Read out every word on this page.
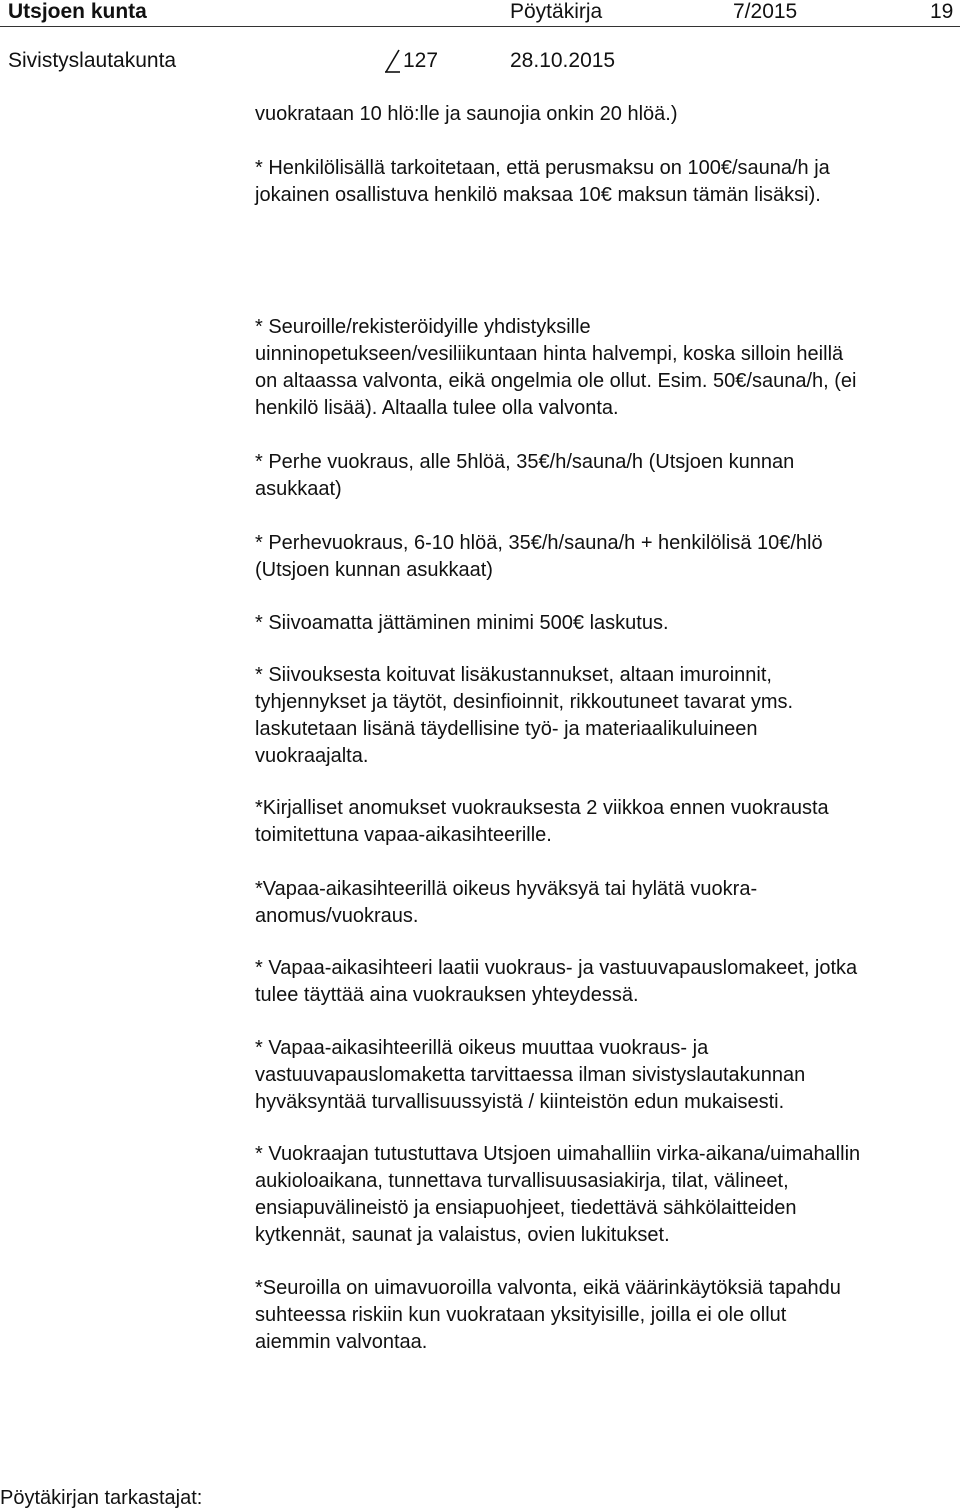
Utsjoen kunta	Pöytäkirja	7/2015	19
Sivistyslautakunta	127	28.10.2015
vuokrataan 10 hlö:lle ja saunojia onkin 20 hlöä.)
* Henkilölisällä tarkoitetaan, että perusmaksu on 100€/sauna/h ja
jokainen osallistuva henkilö maksaa 10€ maksun tämän lisäksi).
* Seuroille/rekisteröidyille yhdistyksille
uinninopetukseen/vesiliikuntaan hinta halvempi, koska silloin heillä
on altaassa valvonta, eikä ongelmia ole ollut. Esim. 50€/sauna/h, (ei
henkilö lisää). Altaalla tulee olla valvonta.
* Perhe vuokraus, alle 5hlöä, 35€/h/sauna/h (Utsjoen kunnan
asukkaat)
* Perhevuokraus, 6-10 hlöä, 35€/h/sauna/h + henkilölisä 10€/hlö
(Utsjoen kunnan asukkaat)
* Siivoamatta jättäminen minimi 500€ laskutus.
* Siivouksesta koituvat lisäkustannukset, altaan imuroinnit,
tyhjennykset ja täytöt, desinfioinnit, rikkoutuneet tavarat yms.
laskutetaan lisänä täydellisine työ- ja materiaalikuluineen
vuokraajalta.
*Kirjalliset anomukset vuokrauksesta 2 viikkoa ennen vuokrausta
toimitettuna vapaa-aikasihteerille.
*Vapaa-aikasihteerillä oikeus hyväksyä tai hylätä vuokra-
anomus/vuokraus.
* Vapaa-aikasihteeri laatii vuokraus- ja vastuuvapauslomakeet, jotka
tulee täyttää aina vuokrauksen yhteydessä.
* Vapaa-aikasihteerillä oikeus muuttaa vuokraus- ja
vastuuvapauslomaketta tarvittaessa ilman sivistyslautakunnan
hyväksyntää turvallisuussyistä / kiinteistön edun mukaisesti.
* Vuokraajan tutustuttava Utsjoen uimahalliin virka-aikana/uimahallin
aukioloaikana, tunnettava turvallisuusasiakirja, tilat, välineet,
ensiapuvälineistö ja ensiapuohjeet, tiedettävä sähkölaitteiden
kytkennät, saunat ja valaistus, ovien lukitukset.
*Seuroilla on uimavuoroilla valvonta, eikä väärinkäytöksiä tapahdu
suhteessa riskiin kun vuokrataan yksityisille, joilla ei ole ollut
aiemmin valvontaa.
Pöytäkirjan tarkastajat:
